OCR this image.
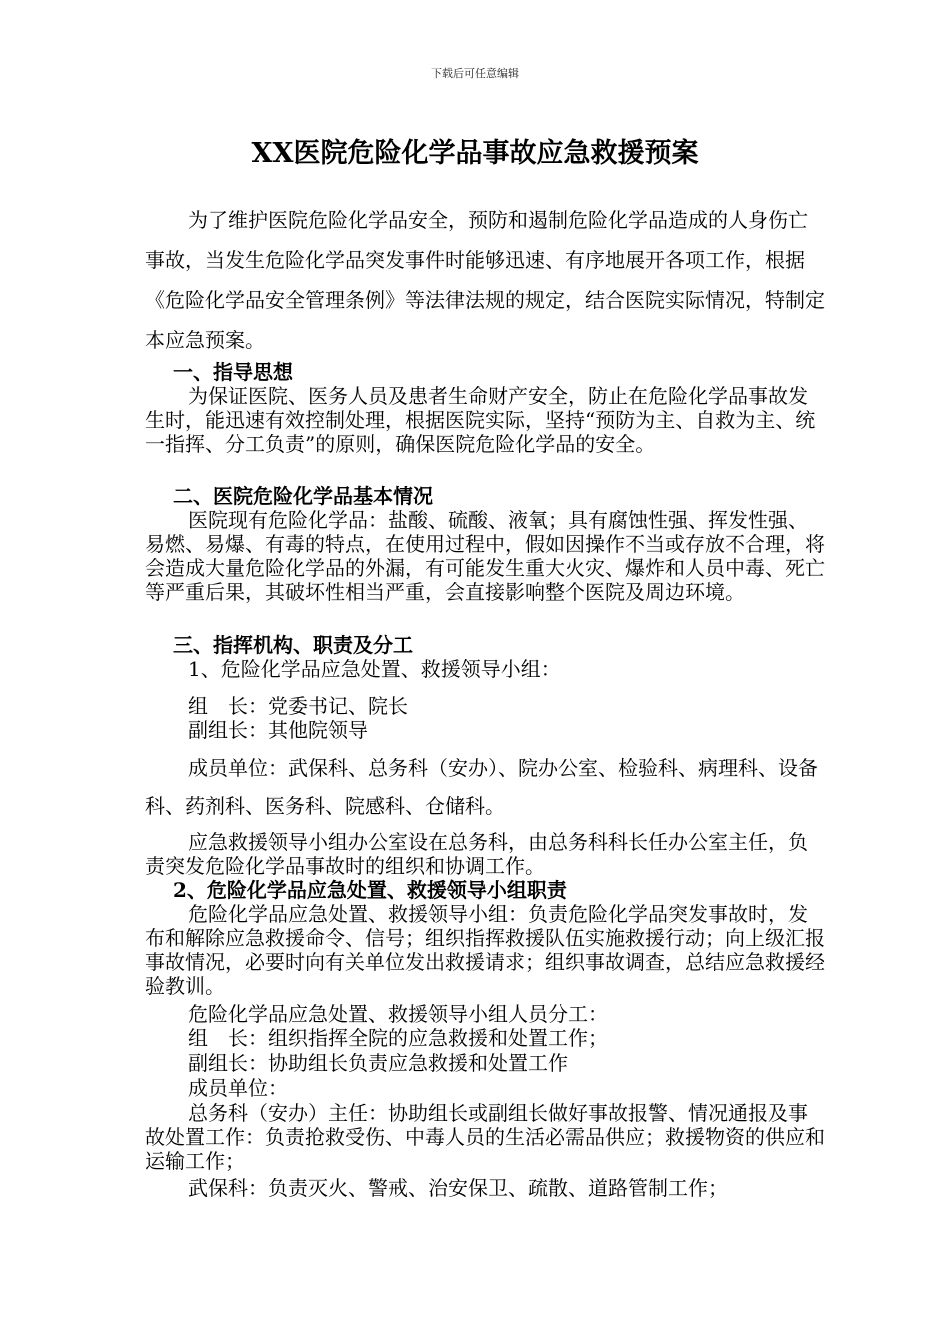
下载后可任意编辑
XX医院危险化学品事故应急救援预案

为了维护医院危险化学品安全，预防和遏制危险化学品造成的人身伤亡事故，当发生危险化学品突发事件时能够迅速、有序地展开各项工作，根据《危险化学品安全管理条例》等法律法规的规定，结合医院实际情况，特制定本应急预案。

一、指导思想

为保证医院、医务人员及患者生命财产安全，防止在危险化学品事故发生时，能迅速有效控制处理，根据医院实际，坚持“预防为主、自救为主、统一指挥、分工负责”的原则，确保医院危险化学品的安全。

二、医院危险化学品基本情况

医院现有危险化学品：盐酸、硫酸、液氧；具有腐蚀性强、挥发性强、易燃、易爆、有毒的特点，在使用过程中，假如因操作不当或存放不合理，将会造成大量危险化学品的外漏，有可能发生重大火灾、爆炸和人员中毒、死亡等严重后果，其破坏性相当严重，会直接影响整个医院及周边环境。

三、指挥机构、职责及分工

1、危险化学品应急处置、救援领导小组：
组　长：党委书记、院长
副组长：其他院领导

成员单位：武保科、总务科（安办）、院办公室、检验科、病理科、设备科、药剂科、医务科、院感科、仓储科。

应急救援领导小组办公室设在总务科，由总务科科长任办公室主任，负责突发危险化学品事故时的组织和协调工作。

2、危险化学品应急处置、救援领导小组职责

危险化学品应急处置、救援领导小组：负责危险化学品突发事故时，发布和解除应急救援命令、信号；组织指挥救援队伍实施救援行动；向上级汇报事故情况，必要时向有关单位发出救援请求；组织事故调查，总结应急救援经验教训。

危险化学品应急处置、救援领导小组人员分工：
组　长：组织指挥全院的应急救援和处置工作；
副组长：协助组长负责应急救援和处置工作
成员单位：

总务科（安办）主任：协助组长或副组长做好事故报警、情况通报及事故处置工作：负责抢救受伤、中毒人员的生活必需品供应；救援物资的供应和运输工作；

武保科：负责灭火、警戒、治安保卫、疏散、道路管制工作；
